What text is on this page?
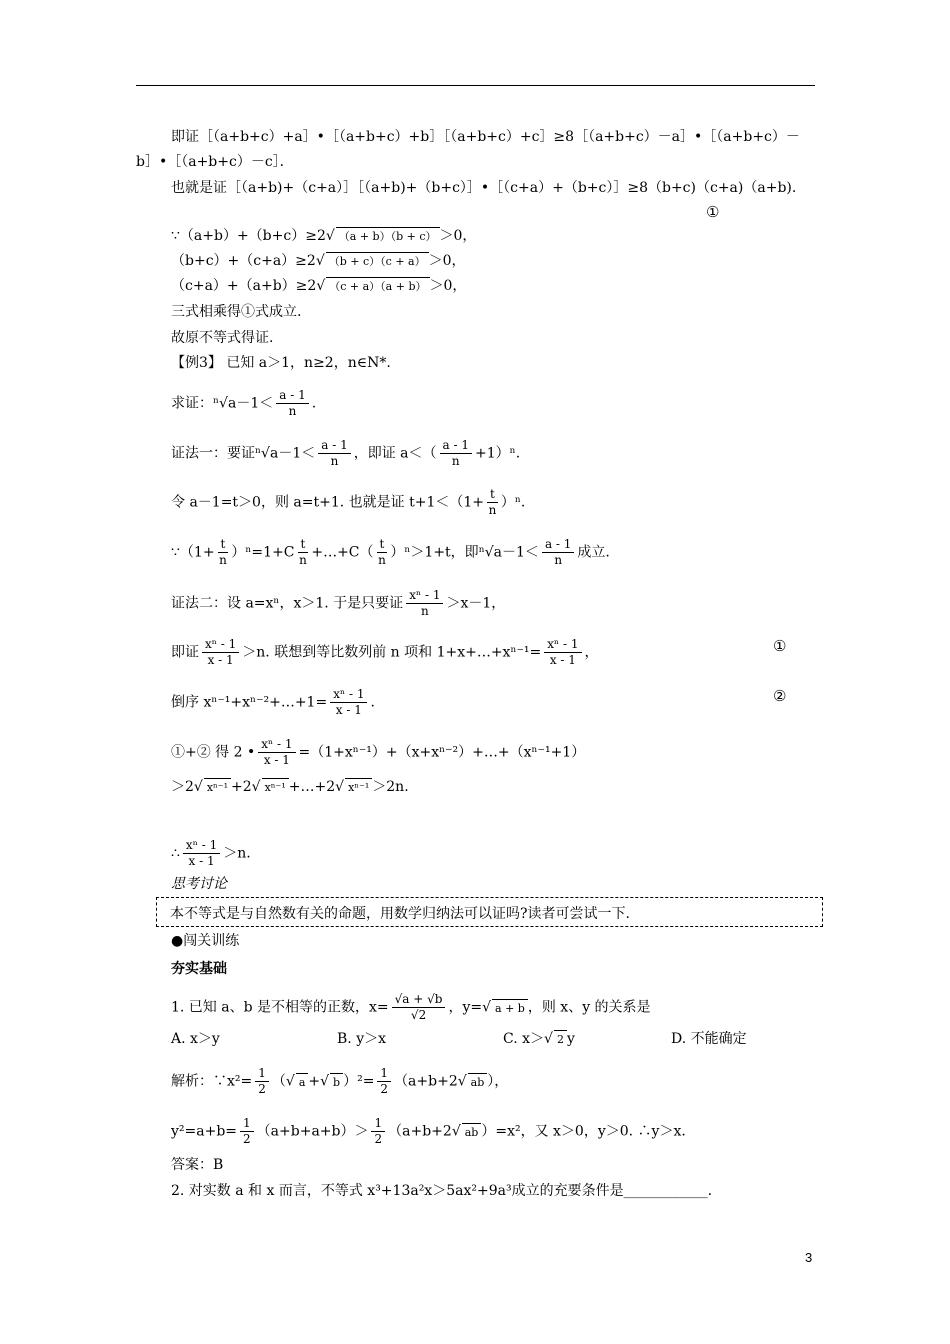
即证［（a+b+c）+a］•［（a+b+c）+b］［（a+b+c）+c］≥8［（a+b+c）－a］•［（a+b+c）－
b］•［（a+b+c）－c］．
也就是证［（a+b)+（c+a）］［（a+b)+（b+c）］•［（c+a）+（b+c）］≥8（b+c)（c+a)（a+b).
①
∵（a+b）+（b+c）≥2√ （a + b）（b + c） ＞0，
（b+c）+（c+a）≥2√ （b + c）（c + a） ＞0，
（c+a）+（a+b）≥2√ （c + a）（a + b） ＞0，
三式相乘得①式成立.
故原不等式得证.
【例3】 已知 a＞1，n≥2，n∈N*.
求证：$^n√a-1< \frac{a - 1}{n}$ .
证法一：要证$^n√a-1< \frac{a - 1}{n}$ ，即证 $a<( \frac{a - 1}{n} +1)^n$.
令 a－1=t＞0，则 a=t+1. 也就是证 $t+1<(1+ \frac{t}{n} )^n$.
∵（1+ $\frac{t}{n} )^n=1+C \frac{t}{n}$ +…+C（ $\frac{t}{n} )^n>1+t$，即$^n√a-1< \frac{a - 1}{n}$ 成立.
证法二：设 a=xⁿ，x＞1. 于是只要证 $\frac{\text{xⁿ - 1}}{n} >x-1$，
即证 $\frac{\text{xⁿ - 1}}{x - 1} >n$. 联想到等比数列前 n 项和 1+x+…+xⁿ⁻¹= $\frac{\text{xⁿ - 1}}{x - 1}$ ，	①
倒序 xⁿ⁻¹+xⁿ⁻²+…+1= $\frac{\text{xⁿ - 1}}{x - 1}$ .	②
①+② 得 2 • $\frac{\text{xⁿ - 1}}{x - 1}$ =（1+xⁿ⁻¹）+（x+xⁿ⁻²）+…+（xⁿ⁻¹+1）
＞2√ xⁿ⁻¹ +2√ xⁿ⁻¹ +…+2√ xⁿ⁻¹ ＞2n.
∴ $\frac{\text{xⁿ - 1}}{x - 1} >n$.
思考讨论
本不等式是与自然数有关的命题，用数学归纳法可以证吗?读者可尝试一下.
●闯关训练
夯实基础
1. 已知 a、b 是不相等的正数，$x= \frac{√a + √b}{√2}$ ，y=√ a + b ，则 x、y 的关系是
A. x＞y	B. y＞x	C. x＞√ 2 y	D. 不能确定
解析：∵x²= $\frac{1}{2}$ （√ a +√ b ）$^2= \frac{1}{2} (a+b+2√$ ab ），
$y^2=a+b= \frac{1}{2} (a+b+a+b)> \frac{1}{2} (a+b+2√$ ab ）=x²，又 x＞0，y＞0. ∴y＞x.
答案：B
2. 对实数 a 和 x 而言，不等式 x³+13a²x＞5ax²+9a³成立的充要条件是____________.
3
